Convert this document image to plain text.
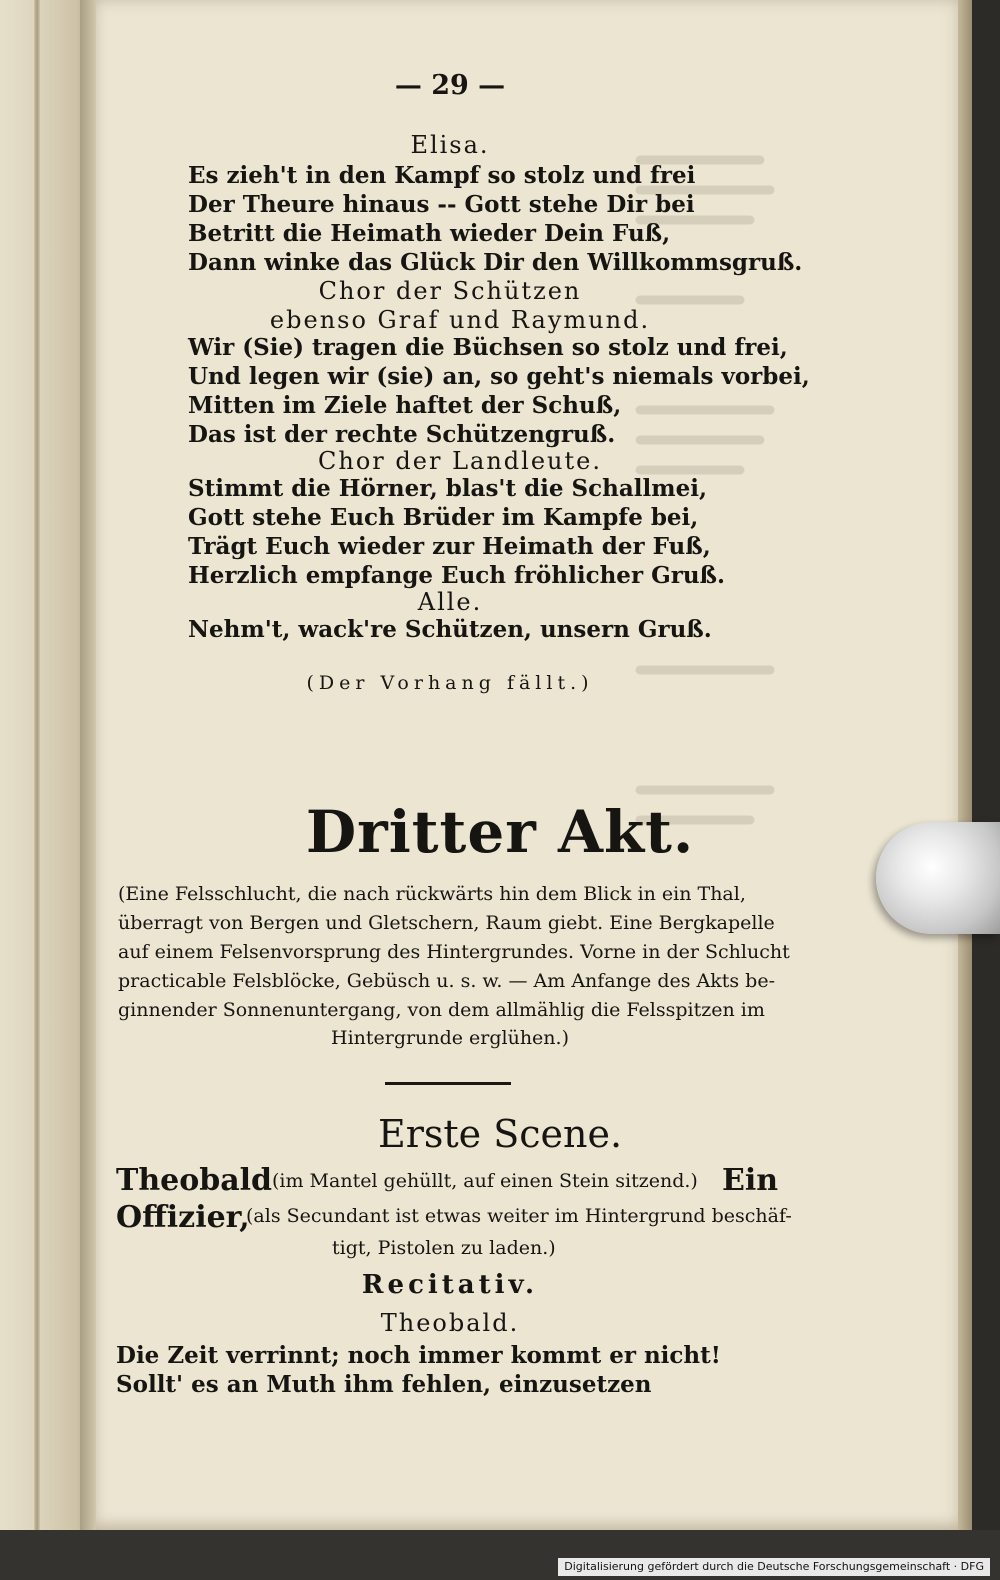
— 29 —
Elisa.
Es zieh't in den Kampf so stolz und frei
Der Theure hinaus -- Gott stehe Dir bei
Betritt die Heimath wieder Dein Fuß,
Dann winke das Glück Dir den Willkommsgruß.
Chor der Schützen
ebenso Graf und Raymund.
Wir (Sie) tragen die Büchsen so stolz und frei,
Und legen wir (sie) an, so geht's niemals vorbei,
Mitten im Ziele haftet der Schuß,
Das ist der rechte Schützengruß.
Chor der Landleute.
Stimmt die Hörner, blas't die Schallmei,
Gott stehe Euch Brüder im Kampfe bei,
Trägt Euch wieder zur Heimath der Fuß,
Herzlich empfange Euch fröhlicher Gruß.
Alle.
Nehm't, wack're Schützen, unsern Gruß.
(Der Vorhang fällt.)
Dritter Akt.
(Eine Felsschlucht, die nach rückwärts hin dem Blick in ein Thal,
überragt von Bergen und Gletschern, Raum giebt. Eine Bergkapelle
auf einem Felsenvorsprung des Hintergrundes. Vorne in der Schlucht
practicable Felsblöcke, Gebüsch u. s. w. — Am Anfange des Akts be-
ginnender Sonnenuntergang, von dem allmählig die Felsspitzen im
Hintergrunde erglühen.)
Erste Scene.
Theobald (im Mantel gehüllt, auf einen Stein sitzend.) Ein
Offizier,
(als Secundant ist etwas weiter im Hintergrund beschäf-
tigt, Pistolen zu laden.)
Recitativ.
Theobald.
Die Zeit verrinnt; noch immer kommt er nicht!
Sollt' es an Muth ihm fehlen, einzusetzen
Digitalisierung gefördert durch die Deutsche Forschungsgemeinschaft · DFG
